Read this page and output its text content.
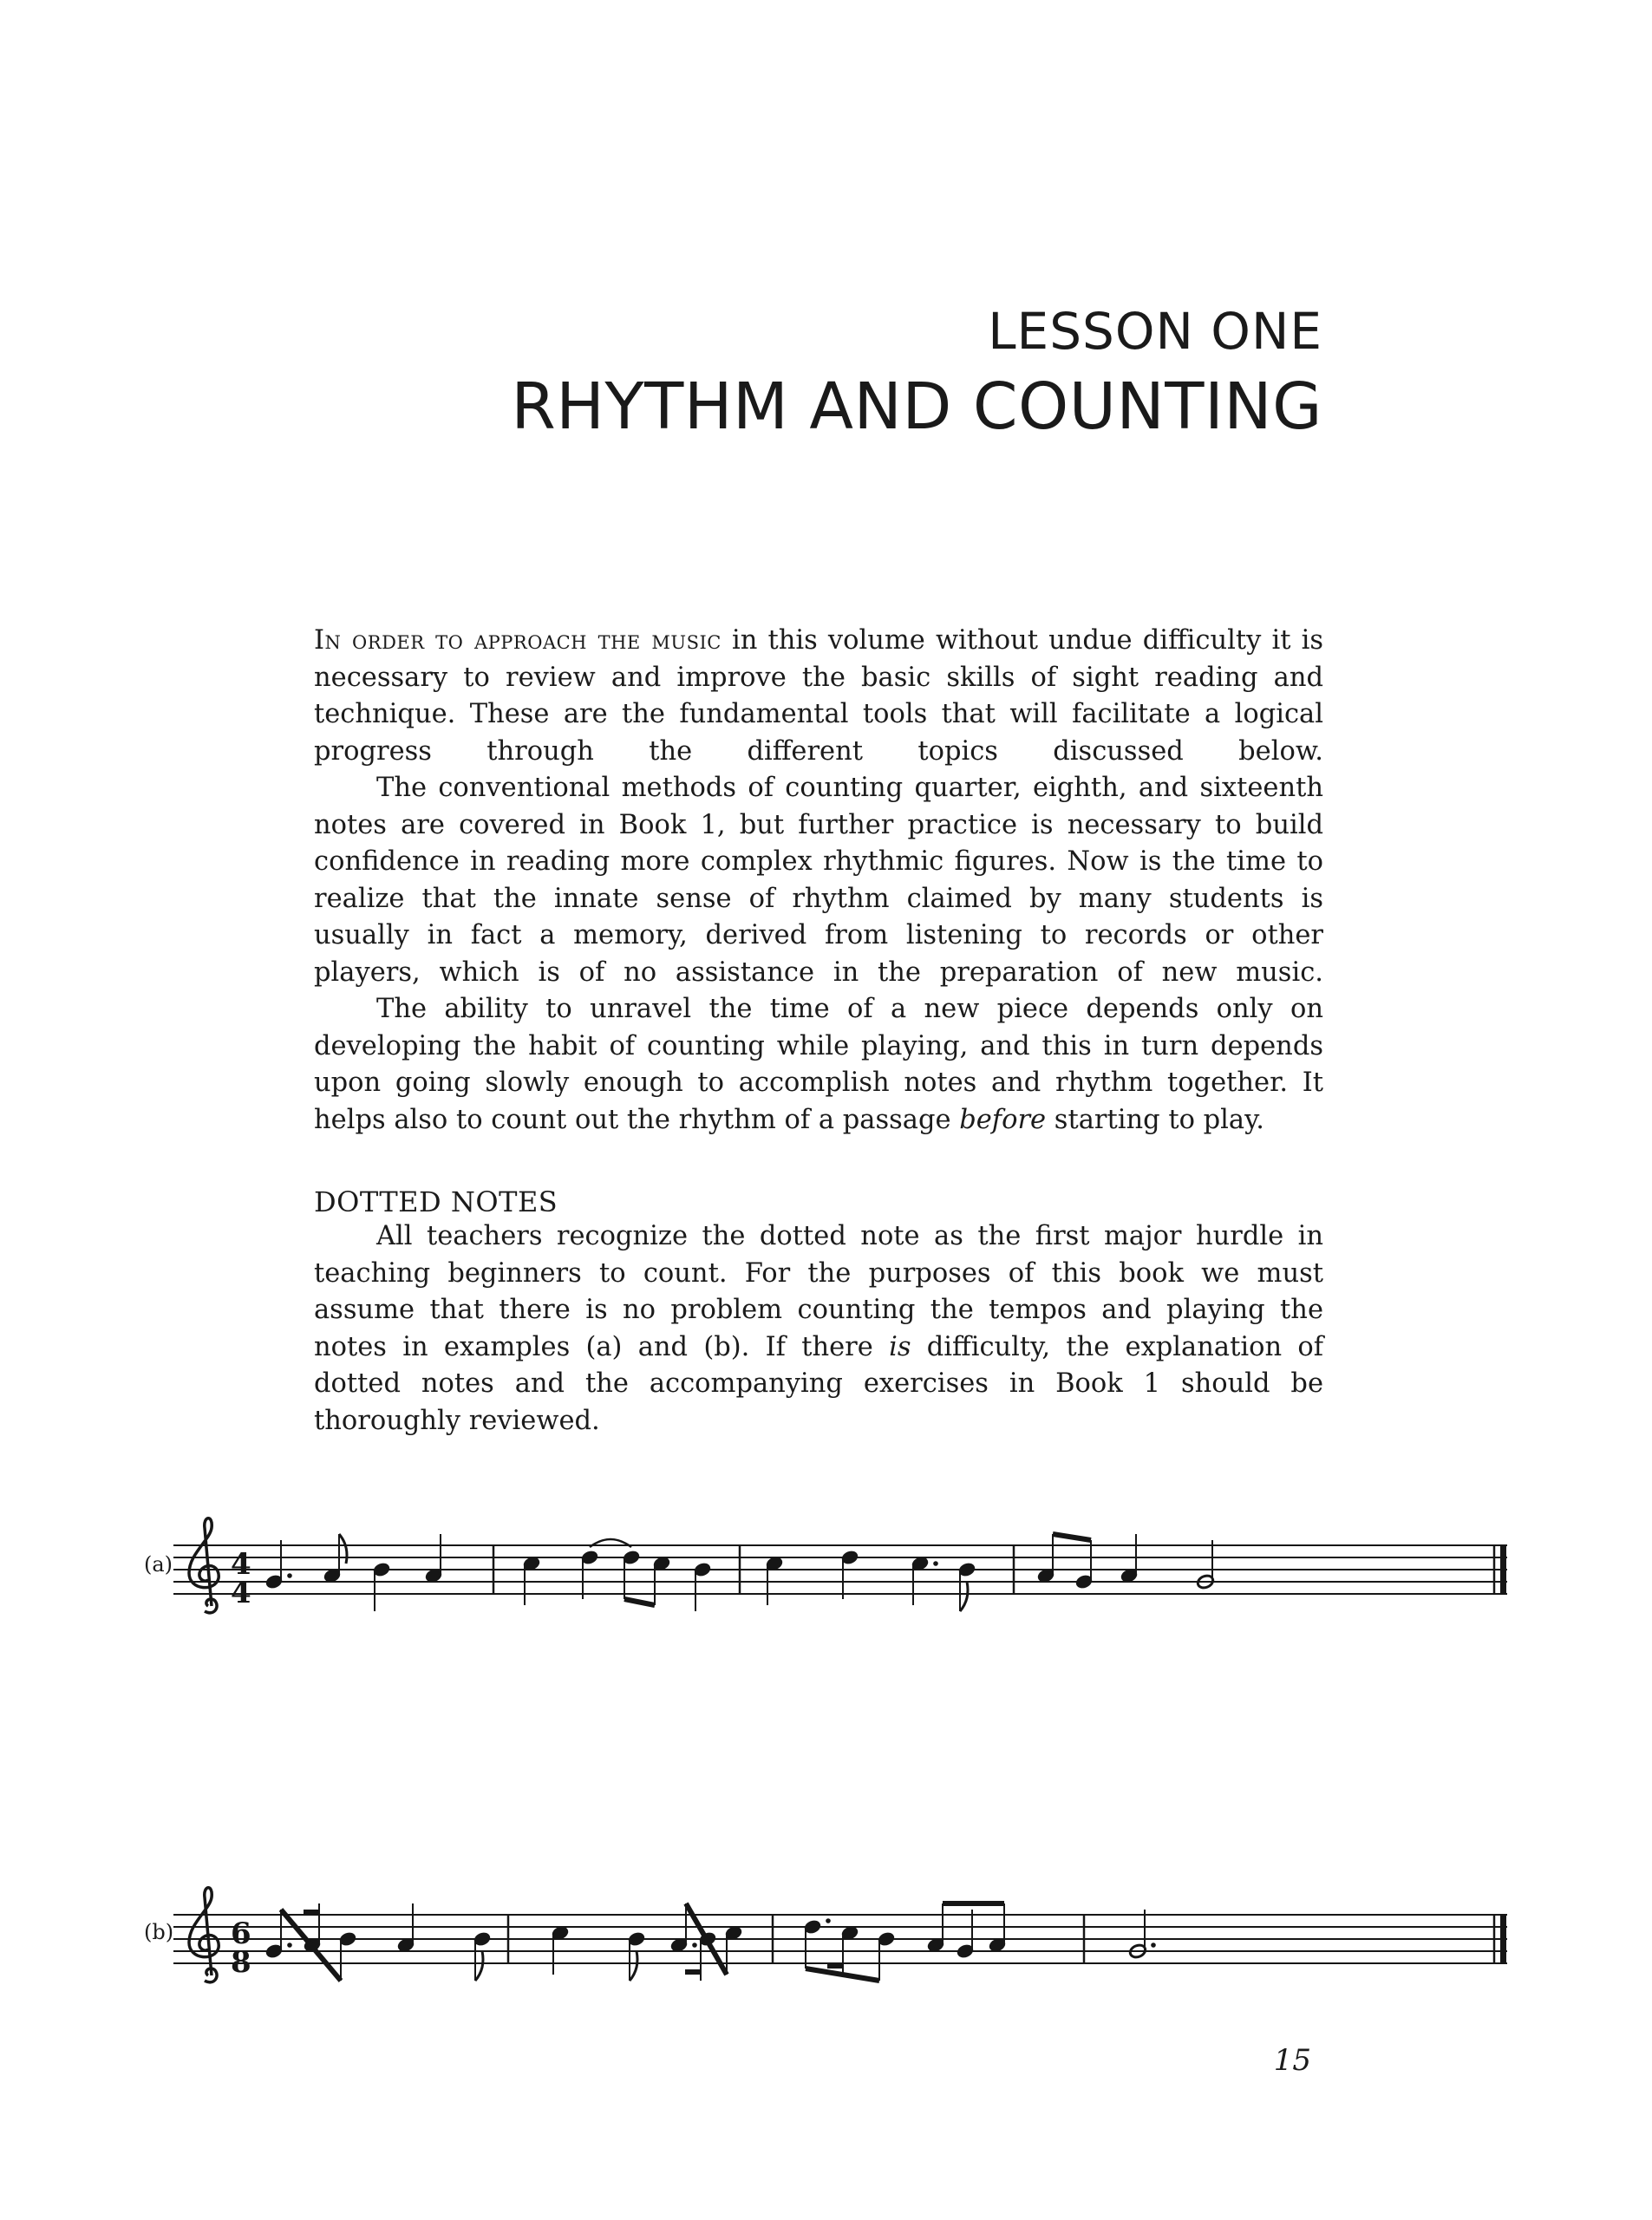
LESSON ONE
RHYTHM AND COUNTING

In order to approach the music in this volume without undue difficulty it is necessary to review and improve the basic skills of sight reading and technique. These are the fundamental tools that will facilitate a logical progress through the different topics discussed below.

The conventional methods of counting quarter, eighth, and sixteenth notes are covered in Book 1, but further practice is necessary to build confidence in reading more complex rhythmic figures. Now is the time to realize that the innate sense of rhythm claimed by many students is usually in fact a memory, derived from listening to records or other players, which is of no assistance in the preparation of new music.

The ability to unravel the time of a new piece depends only on developing the habit of counting while playing, and this in turn depends upon going slowly enough to accomplish notes and rhythm together. It helps also to count out the rhythm of a passage before starting to play.

DOTTED NOTES

All teachers recognize the dotted note as the first major hurdle in teaching beginners to count. For the purposes of this book we must assume that there is no problem counting the tempos and playing the notes in examples (a) and (b). If there is difficulty, the explanation of dotted notes and the accompanying exercises in Book 1 should be thoroughly reviewed.

(a) 4
4
(b) 6
8
15
